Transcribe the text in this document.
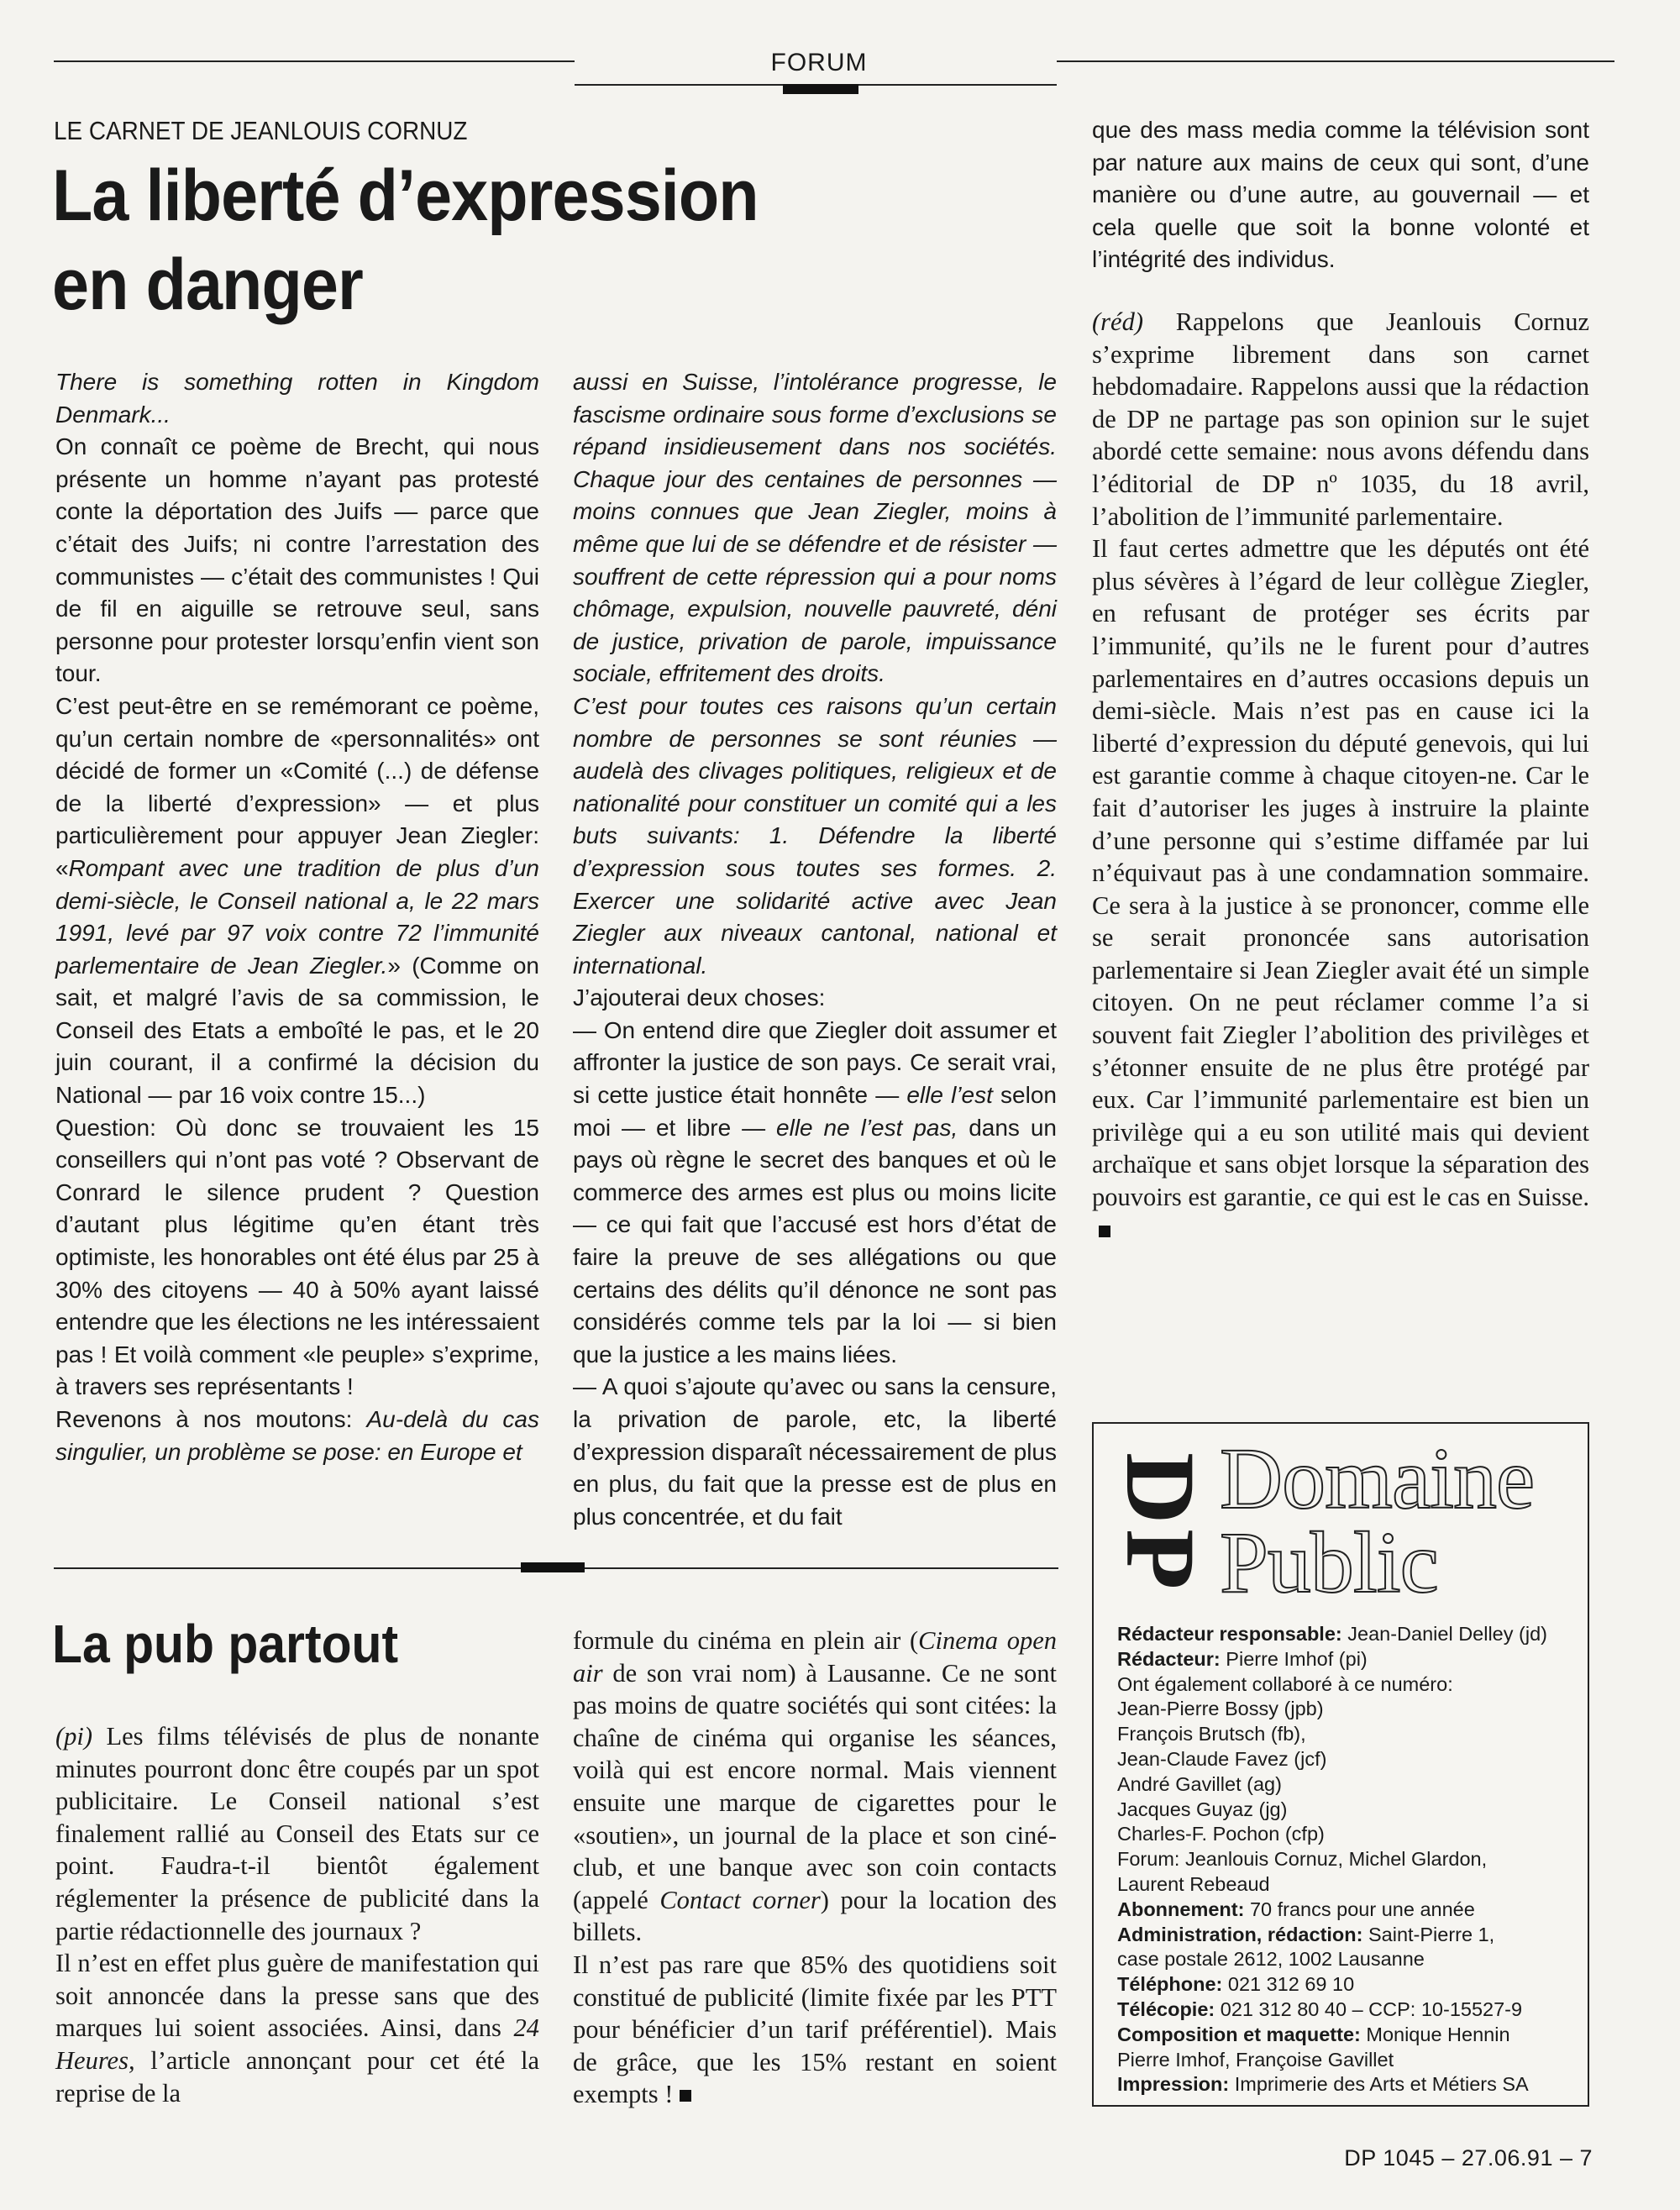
FORUM
LE CARNET DE JEANLOUIS CORNUZ
La liberté d’expression
en danger

There is something rotten in Kingdom Denmark...

On connaît ce poème de Brecht, qui nous présente un homme n’ayant pas protesté conte la déportation des Juifs — parce que c’était des Juifs; ni contre l’arrestation des communistes — c’était des communistes ! Qui de fil en aiguille se retrouve seul, sans personne pour protester lorsqu’enfin vient son tour.

C’est peut-être en se remémorant ce poème, qu’un certain nombre de «personnalités» ont décidé de former un «Comité (...) de défense de la liberté d’expression» — et plus particulièrement pour appuyer Jean Ziegler: «Rompant avec une tradition de plus d’un demi-siècle, le Conseil national a, le 22 mars 1991, levé par 97 voix contre 72 l’immunité parlementaire de Jean Ziegler.» (Comme on sait, et malgré l’avis de sa commission, le Conseil des Etats a emboîté le pas, et le 20 juin courant, il a confirmé la décision du National — par 16 voix contre 15...)

Question: Où donc se trouvaient les 15 conseillers qui n’ont pas voté ? Observant de Conrard le silence prudent ? Question d’autant plus légitime qu’en étant très optimiste, les honorables ont été élus par 25 à 30% des citoyens — 40 à 50% ayant laissé entendre que les élections ne les intéressaient pas ! Et voilà comment «le peuple» s’exprime, à travers ses représentants !

Revenons à nos moutons: Au-delà du cas singulier, un problème se pose: en Europe et

aussi en Suisse, l’intolérance progresse, le fascisme ordinaire sous forme d’exclusions se répand insidieusement dans nos sociétés. Chaque jour des centaines de personnes — moins connues que Jean Ziegler, moins à même que lui de se défendre et de résister — souffrent de cette répression qui a pour noms chômage, expulsion, nouvelle pauvreté, déni de justice, privation de parole, impuissance sociale, effritement des droits.

C’est pour toutes ces raisons qu’un certain nombre de personnes se sont réunies — audelà des clivages politiques, religieux et de nationalité pour constituer un comité qui a les buts suivants: 1. Défendre la liberté d’expression sous toutes ses formes. 2. Exercer une solidarité active avec Jean Ziegler aux niveaux cantonal, national et international.

J’ajouterai deux choses:

— On entend dire que Ziegler doit assumer et affronter la justice de son pays. Ce serait vrai, si cette justice était honnête — elle l’est selon moi — et libre — elle ne l’est pas, dans un pays où règne le secret des banques et où le commerce des armes est plus ou moins licite — ce qui fait que l’accusé est hors d’état de faire la preuve de ses allégations ou que certains des délits qu’il dénonce ne sont pas considérés comme tels par la loi — si bien que la justice a les mains liées.

— A quoi s’ajoute qu’avec ou sans la censure, la privation de parole, etc, la liberté d’expression disparaît nécessairement de plus en plus, du fait que la presse est de plus en plus concentrée, et du fait

que des mass media comme la télévision sont par nature aux mains de ceux qui sont, d’une manière ou d’une autre, au gouvernail — et cela quelle que soit la bonne volonté et l’intégrité des individus.

(réd) Rappelons que Jeanlouis Cornuz s’exprime librement dans son carnet hebdomadaire. Rappelons aussi que la rédaction de DP ne partage pas son opinion sur le sujet abordé cette semaine: nous avons défendu dans l’éditorial de DP nº 1035, du 18 avril, l’abolition de l’immunité parlementaire.

Il faut certes admettre que les députés ont été plus sévères à l’égard de leur collègue Ziegler, en refusant de protéger ses écrits par l’immunité, qu’ils ne le furent pour d’autres parlementaires en d’autres occasions depuis un demi-siècle. Mais n’est pas en cause ici la liberté d’expression du député genevois, qui lui est garantie comme à chaque citoyen-ne. Car le fait d’autoriser les juges à instruire la plainte d’une personne qui s’estime diffamée par lui n’équivaut pas à une condamnation sommaire. Ce sera à la justice à se prononcer, comme elle se serait prononcée sans autorisation parlementaire si Jean Ziegler avait été un simple citoyen. On ne peut réclamer comme l’a si souvent fait Ziegler l’abolition des privilèges et s’étonner ensuite de ne plus être protégé par eux. Car l’immunité parlementaire est bien un privilège qui a eu son utilité mais qui devient archaïque et sans objet lorsque la séparation des pouvoirs est garantie, ce qui est le cas en Suisse.

La pub partout

(pi) Les films télévisés de plus de nonante minutes pourront donc être coupés par un spot publicitaire. Le Conseil national s’est finalement rallié au Conseil des Etats sur ce point. Faudra-t-il bientôt également réglementer la présence de publicité dans la partie rédactionnelle des journaux ?

Il n’est en effet plus guère de manifestation qui soit annoncée dans la presse sans que des marques lui soient associées. Ainsi, dans 24 Heures, l’article annonçant pour cet été la reprise de la

formule du cinéma en plein air (Cinema open air de son vrai nom) à Lausanne. Ce ne sont pas moins de quatre sociétés qui sont citées: la chaîne de cinéma qui organise les séances, voilà qui est encore normal. Mais viennent ensuite une marque de cigarettes pour le «soutien», un journal de la place et son ciné-club, et une banque avec son coin contacts (appelé Contact corner) pour la location des billets.

Il n’est pas rare que 85% des quotidiens soit constitué de publicité (limite fixée par les PTT pour bénéficier d’un tarif préférentiel). Mais de grâce, que les 15% restant en soient exempts !

DP Domaine
Public
Rédacteur responsable: Jean-Daniel Delley (jd)
Rédacteur: Pierre Imhof (pi)
Ont également collaboré à ce numéro:
Jean-Pierre Bossy (jpb)
François Brutsch (fb),
Jean-Claude Favez (jcf)
André Gavillet (ag)
Jacques Guyaz (jg)
Charles-F. Pochon (cfp)
Forum: Jeanlouis Cornuz, Michel Glardon,
Laurent Rebeaud
Abonnement: 70 francs pour une année
Administration, rédaction: Saint-Pierre 1,
case postale 2612, 1002 Lausanne
Téléphone: 021 312 69 10
Télécopie: 021 312 80 40 – CCP: 10-15527-9
Composition et maquette: Monique Hennin
Pierre Imhof, Françoise Gavillet
Impression: Imprimerie des Arts et Métiers SA
DP 1045 – 27.06.91 – 7
